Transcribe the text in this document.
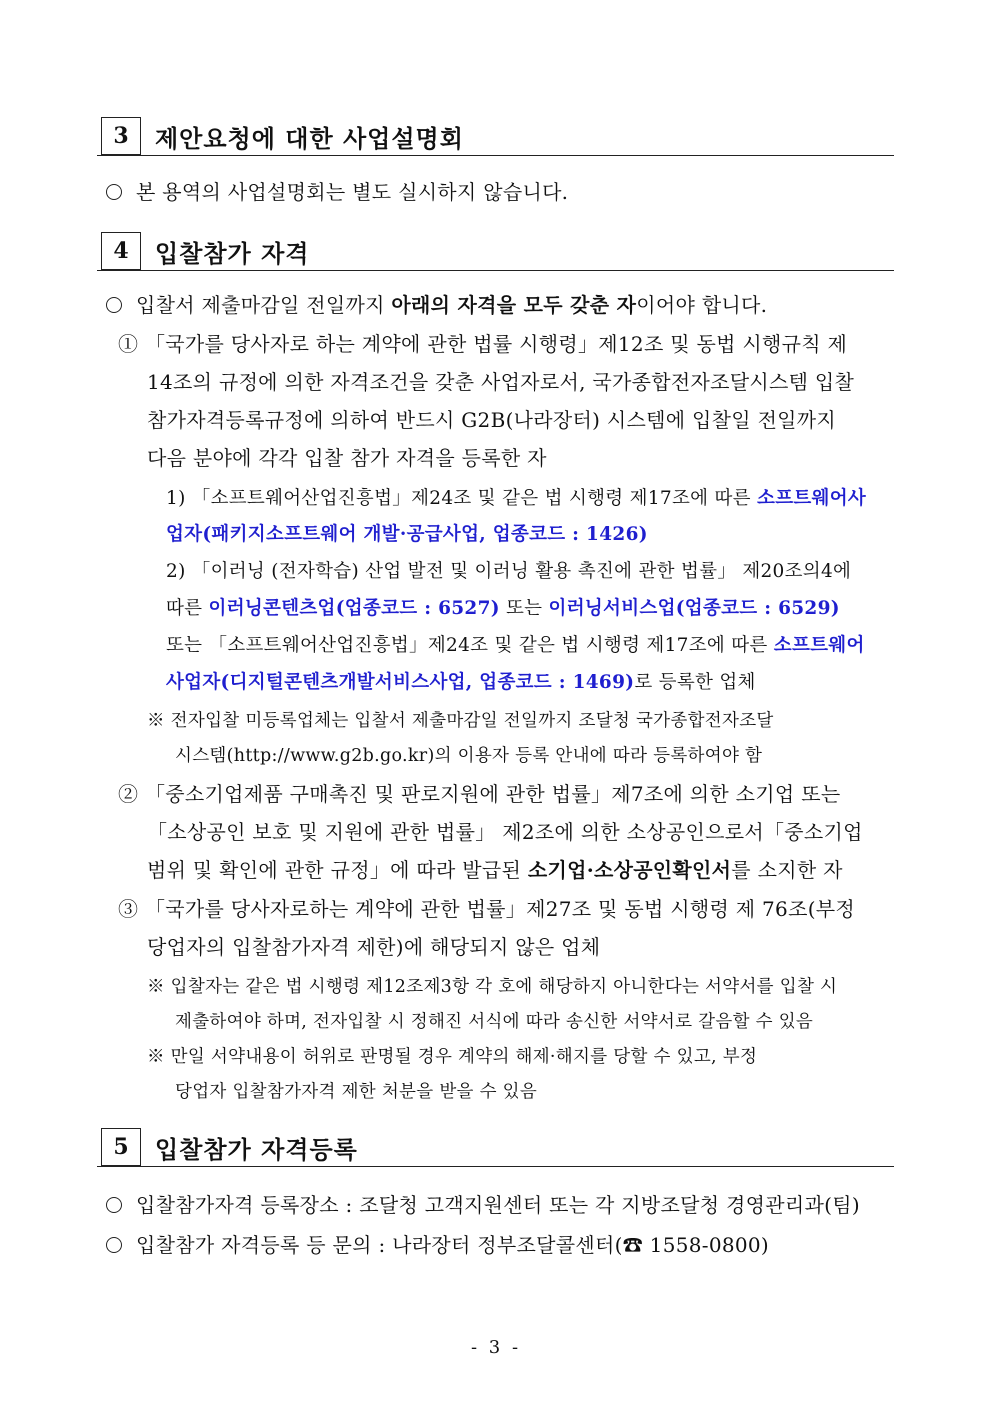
3	제안요청에 대한 사업설명회
본 용역의 사업설명회는 별도 실시하지 않습니다.
4	입찰참가 자격
입찰서 제출마감일 전일까지 아래의 자격을 모두 갖춘 자이어야 합니다.
① 「국가를 당사자로 하는 계약에 관한 법률 시행령」제12조 및 동법 시행규칙 제
14조의 규정에 의한 자격조건을 갖춘 사업자로서, 국가종합전자조달시스템 입찰
참가자격등록규정에 의하여 반드시 G2B(나라장터) 시스템에 입찰일 전일까지
다음 분야에 각각 입찰 참가 자격을 등록한 자
1) 「소프트웨어산업진흥법」제24조 및 같은 법 시행령 제17조에 따른 소프트웨어사
업자(패키지소프트웨어 개발·공급사업, 업종코드 : 1426)
2) 「이러닝 (전자학습) 산업 발전 및 이러닝 활용 촉진에 관한 법률」 제20조의4에
따른 이러닝콘텐츠업(업종코드 : 6527) 또는 이러닝서비스업(업종코드 : 6529)
또는 「소프트웨어산업진흥법」제24조 및 같은 법 시행령 제17조에 따른 소프트웨어
사업자(디지털콘텐츠개발서비스사업, 업종코드 : 1469)로 등록한 업체
※ 전자입찰 미등록업체는 입찰서 제출마감일 전일까지 조달청 국가종합전자조달
시스템(http://www.g2b.go.kr)의 이용자 등록 안내에 따라 등록하여야 함
② 「중소기업제품 구매촉진 및 판로지원에 관한 법률」제7조에 의한 소기업 또는
「소상공인 보호 및 지원에 관한 법률」 제2조에 의한 소상공인으로서「중소기업
범위 및 확인에 관한 규정」에 따라 발급된 소기업·소상공인확인서를 소지한 자
③ 「국가를 당사자로하는 계약에 관한 법률」제27조 및 동법 시행령 제 76조(부정
당업자의 입찰참가자격 제한)에 해당되지 않은 업체
※ 입찰자는 같은 법 시행령 제12조제3항 각 호에 해당하지 아니한다는 서약서를 입찰 시
제출하여야 하며, 전자입찰 시 정해진 서식에 따라 송신한 서약서로 갈음할 수 있음
※ 만일 서약내용이 허위로 판명될 경우 계약의 해제·해지를 당할 수 있고, 부정
당업자 입찰참가자격 제한 처분을 받을 수 있음
5	입찰참가 자격등록
입찰참가자격 등록장소 : 조달청 고객지원센터 또는 각 지방조달청 경영관리과(팀)
입찰참가 자격등록 등 문의 : 나라장터 정부조달콜센터(☎ 1558-0800)
- 3 -
